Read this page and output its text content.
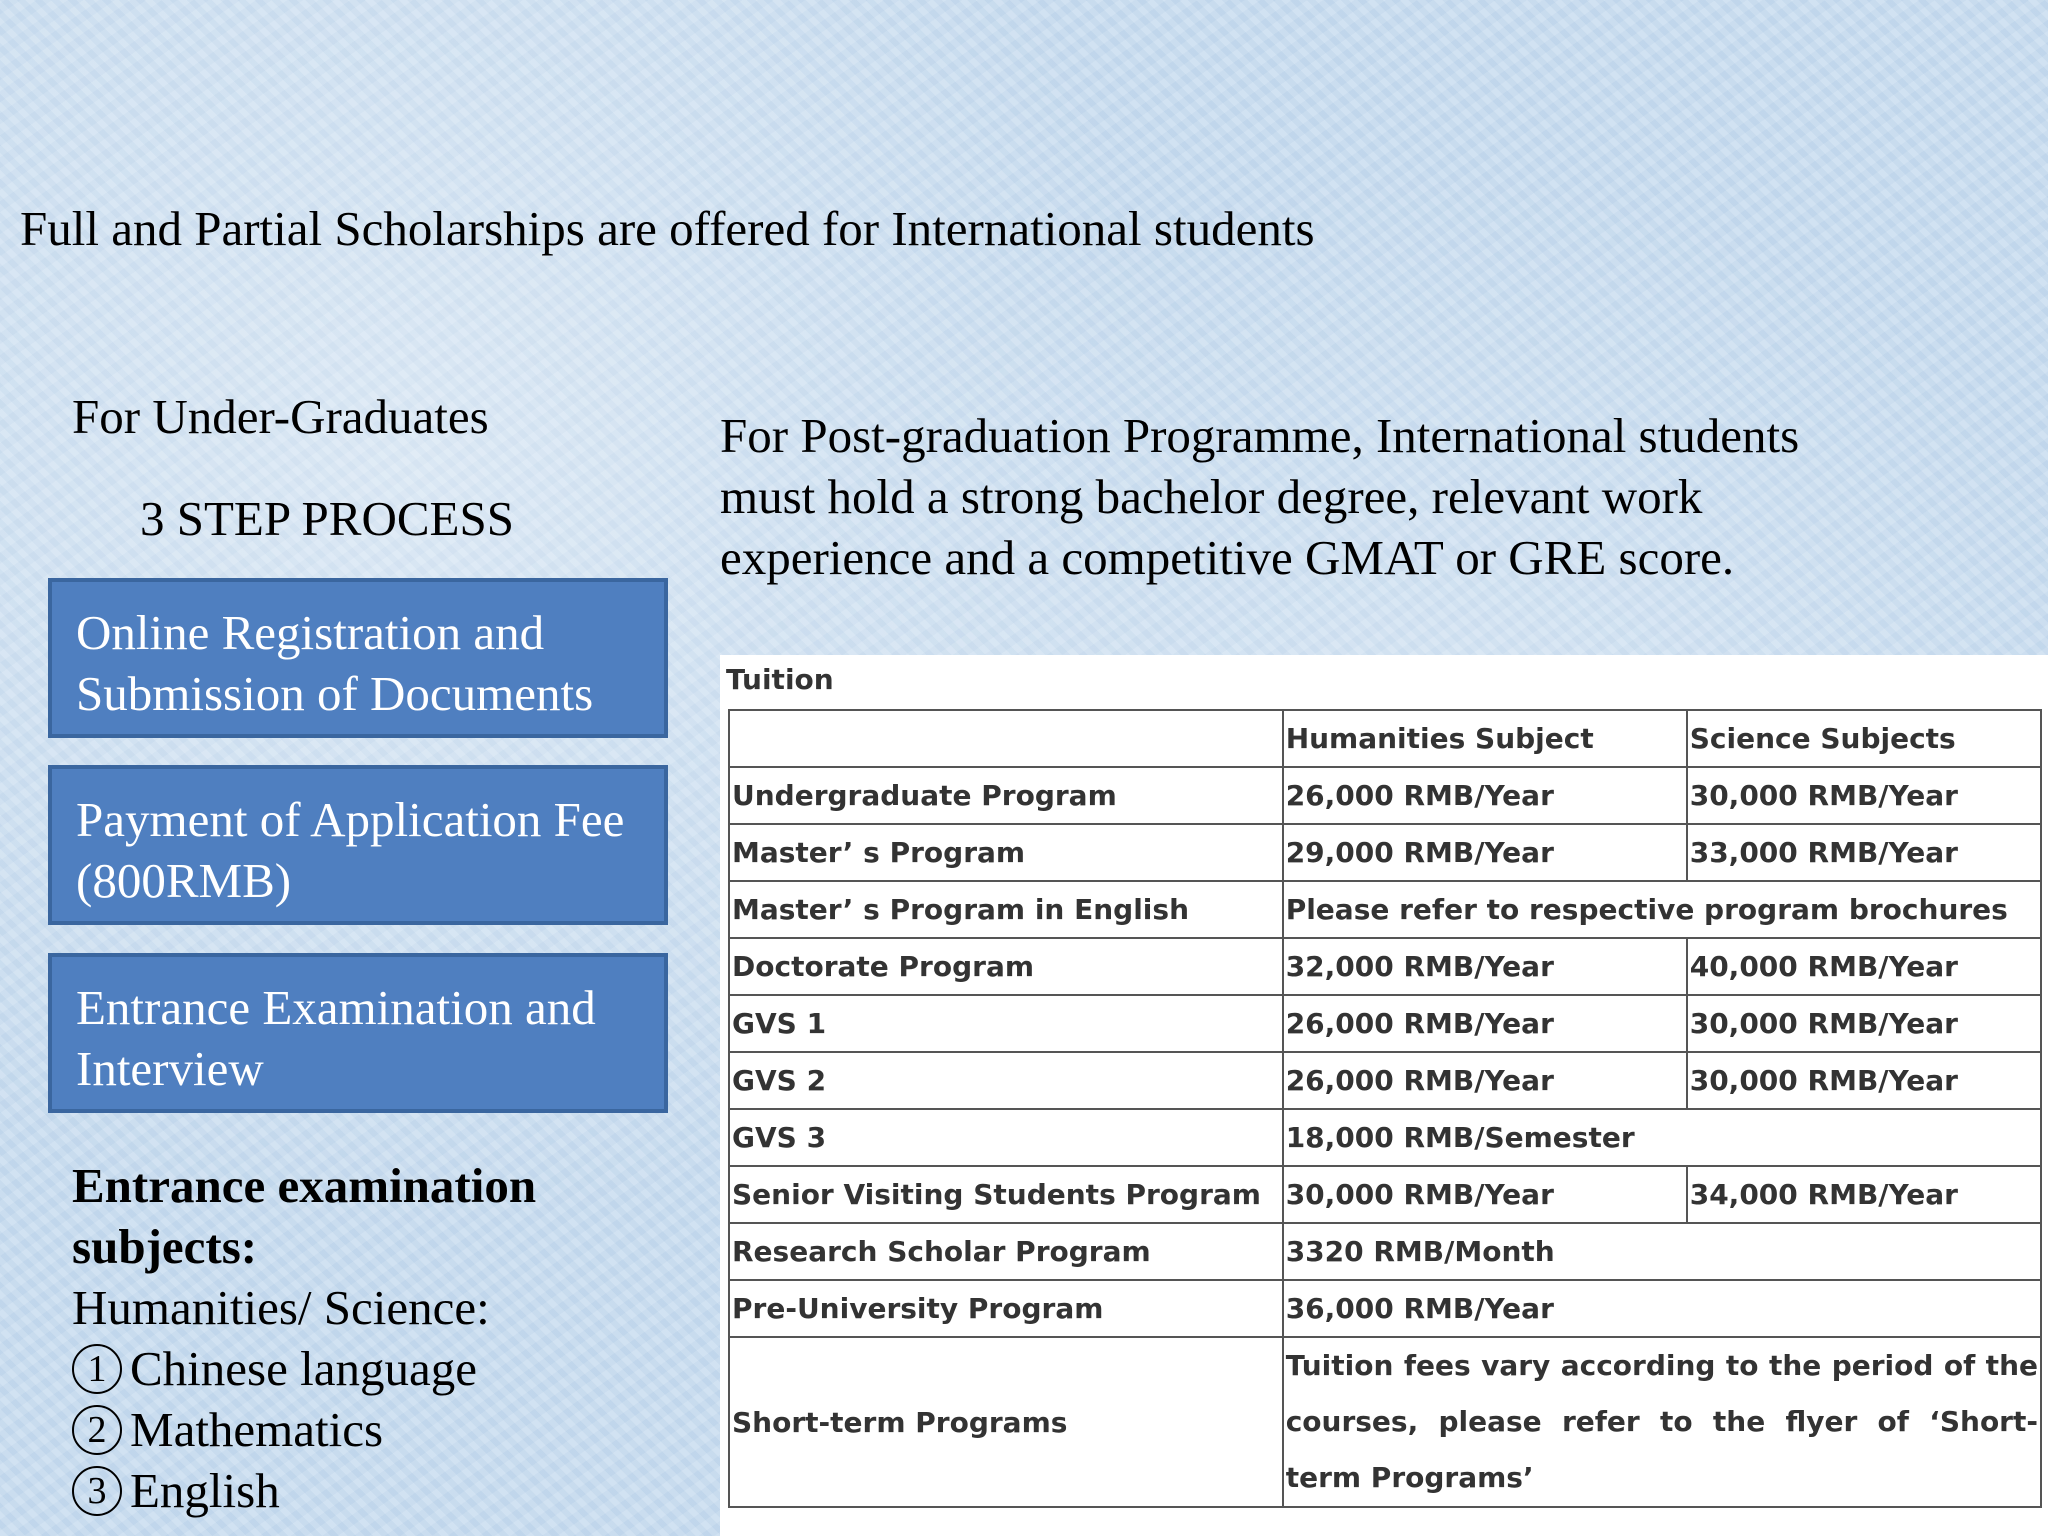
Full and Partial Scholarships are offered for International students
For Under-Graduates
3 STEP PROCESS
Online Registration and Submission of Documents
Payment of Application Fee (800RMB)
Entrance Examination and Interview
Entrance examination subjects:
Humanities/ Science:
1 Chinese language
2 Mathematics
3 English
For Post-graduation Programme, International students must hold a strong bachelor degree, relevant work experience and a competitive GMAT or GRE score.
Tuition
	Humanities Subject	Science Subjects
Undergraduate Program	26,000 RMB/Year	30,000 RMB/Year
Master’ s Program	29,000 RMB/Year	33,000 RMB/Year
Master’ s Program in English	Please refer to respective program brochures	
Doctorate Program	32,000 RMB/Year	40,000 RMB/Year
GVS 1	26,000 RMB/Year	30,000 RMB/Year
GVS 2	26,000 RMB/Year	30,000 RMB/Year
GVS 3	18,000 RMB/Semester	
Senior Visiting Students Program	30,000 RMB/Year	34,000 RMB/Year
Research Scholar Program	3320 RMB/Month	
Pre-University Program	36,000 RMB/Year	
Short-term Programs	Tuition fees vary according to the period of the courses, please refer to the flyer of ‘Short-term Programs’	
